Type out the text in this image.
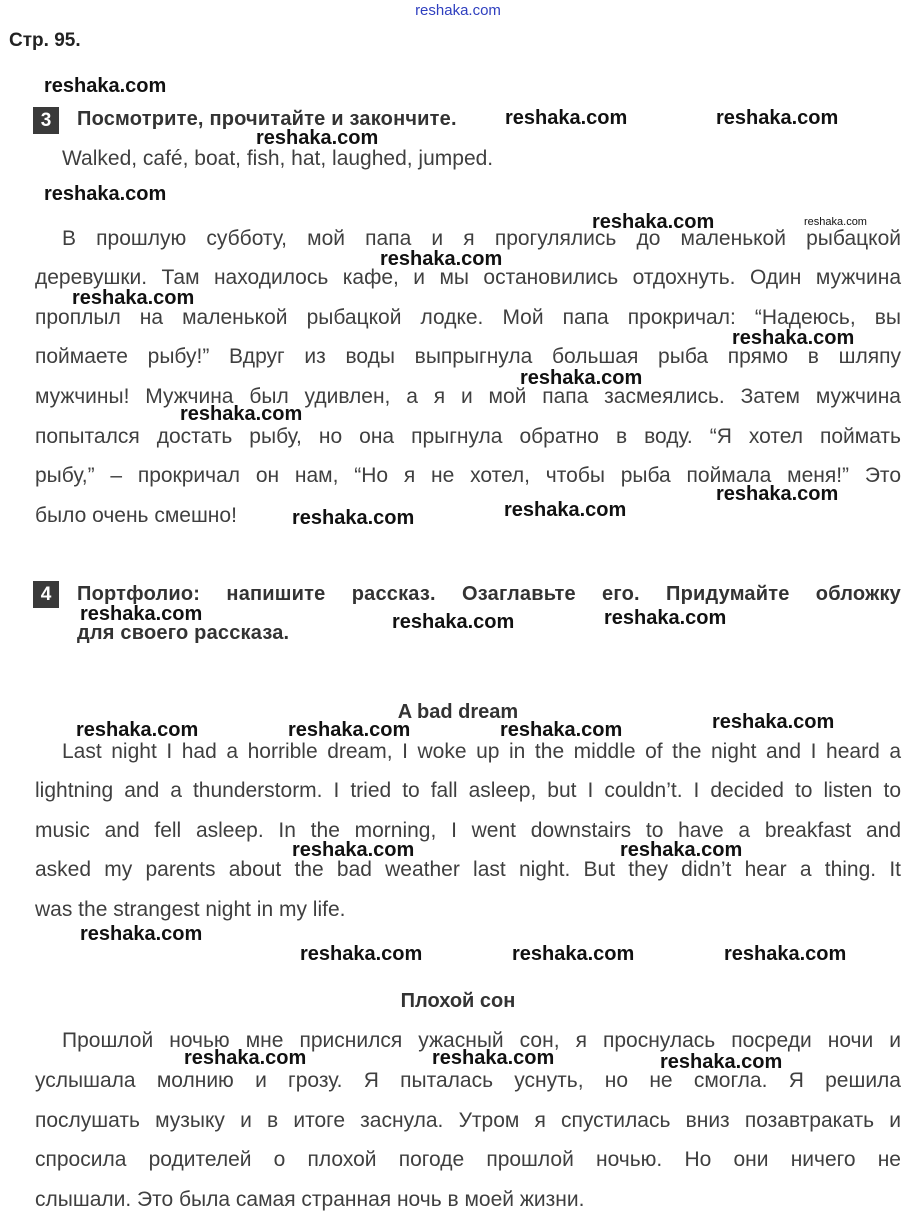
reshaka.com
Стр. 95.
3	Посмотрите, прочитайте и закончите.
Walked, café, boat, fish, hat, laughed, jumped.
В прошлую субботу, мой папа и я прогулялись до маленькой рыбацкой
деревушки. Там находилось кафе, и мы остановились отдохнуть. Один мужчина
проплыл на маленькой рыбацкой лодке. Мой папа прокричал: “Надеюсь, вы
поймаете рыбу!” Вдруг из воды выпрыгнула большая рыба прямо в шляпу
мужчины! Мужчина был удивлен, а я и мой папа засмеялись. Затем мужчина
попытался достать рыбу, но она прыгнула обратно в воду. “Я хотел поймать
рыбу,” – прокричал он нам, “Но я не хотел, чтобы рыба поймала меня!” Это
было очень смешно!
4	Портфолио: напишите рассказ. Озаглавьте его. Придумайте обложку
для своего рассказа.
A bad dream
Last night I had a horrible dream, I woke up in the middle of the night and I heard a
lightning and a thunderstorm. I tried to fall asleep, but I couldn’t. I decided to listen to
music and fell asleep. In the morning, I went downstairs to have a breakfast and
asked my parents about the bad weather last night. But they didn’t hear a thing. It
was the strangest night in my life.
Плохой сон
Прошлой ночью мне приснился ужасный сон, я проснулась посреди ночи и
услышала молнию и грозу. Я пыталась уснуть, но не смогла. Я решила
послушать музыку и в итоге заснула. Утром я спустилась вниз позавтракать и
спросила родителей о плохой погоде прошлой ночью. Но они ничего не
слышали. Это была самая странная ночь в моей жизни.
reshaka.com
reshaka.com	reshaka.com
reshaka.com
reshaka.com
reshaka.com	reshaka.com
reshaka.com
reshaka.com
reshaka.com
reshaka.com
reshaka.com
reshaka.com
reshaka.com
reshaka.com
reshaka.com	reshaka.com
reshaka.com
reshaka.com
reshaka.com	reshaka.com	reshaka.com
reshaka.com	reshaka.com
reshaka.com
reshaka.com	reshaka.com	reshaka.com
reshaka.com	reshaka.com	reshaka.com
